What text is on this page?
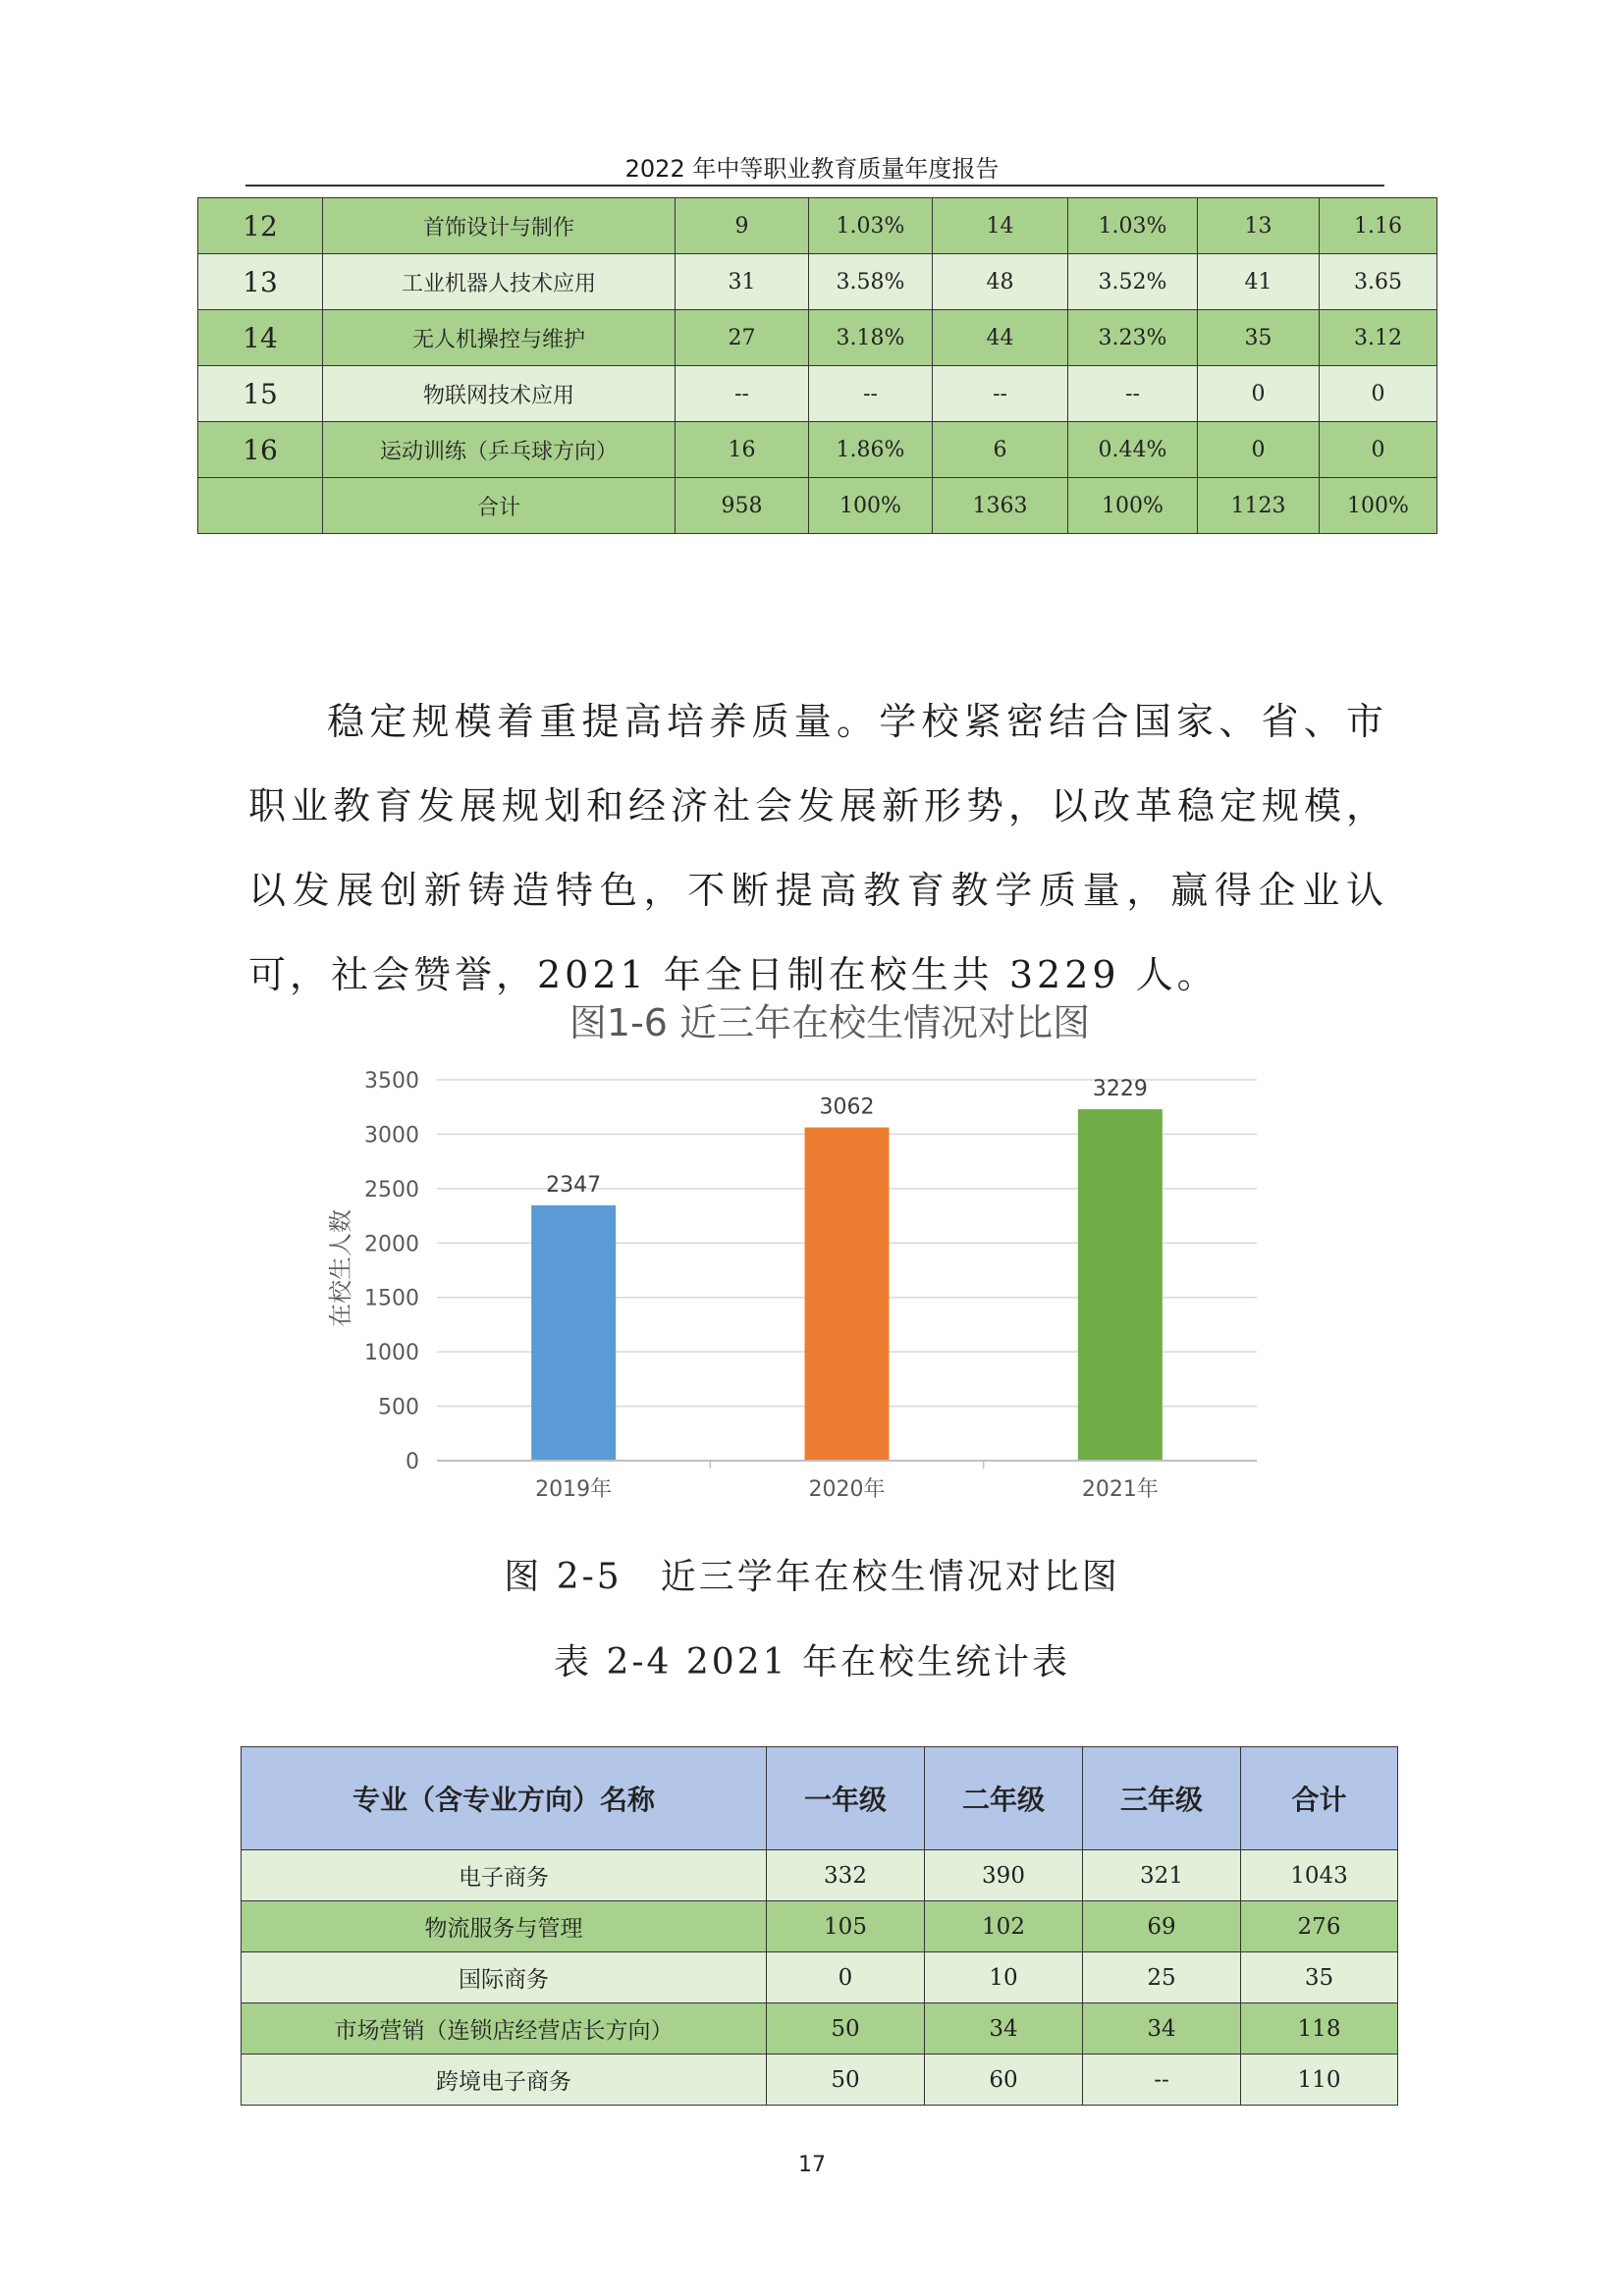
2022 年中等职业教育质量年度报告
12	首饰设计与制作	9	1.03%	14	1.03%	13	1.16
13	工业机器人技术应用	31	3.58%	48	3.52%	41	3.65
14	无人机操控与维护	27	3.18%	44	3.23%	35	3.12
15	物联网技术应用	--	--	--	--	0	0
16	运动训练（乒乓球方向）	16	1.86%	6	0.44%	0	0
	合计	958	100%	1363	100%	1123	100%

稳定规模着重提高培养质量。学校紧密结合国家、省、市职业教育发展规划和经济社会发展新形势，以改革稳定规模，以发展创新铸造特色，不断提高教育教学质量，赢得企业认可，社会赞誉，2021 年全日制在校生共 3229 人。

图1-6 近三年在校生情况对比图
在校生人数
0
500
1000
1500
2000
2500
3000
3500
2347
3062
3229
2019年	2020年	2021年
图 2-5　近三学年在校生情况对比图
表 2-4 2021 年在校生统计表
专业（含专业方向）名称	一年级	二年级	三年级	合计
电子商务	332	390	321	1043
物流服务与管理	105	102	69	276
国际商务	0	10	25	35
市场营销（连锁店经营店长方向）	50	34	34	118
跨境电子商务	50	60	--	110
17
